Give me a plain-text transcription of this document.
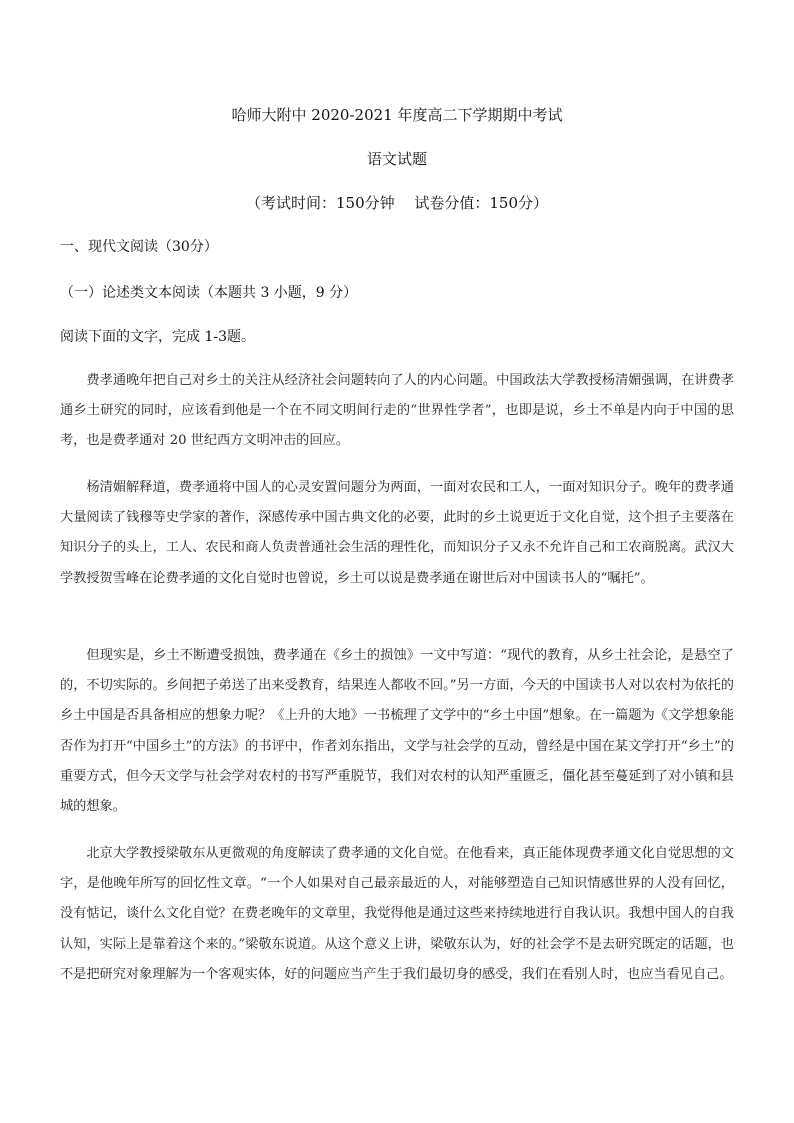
哈师大附中 2020-2021 年度高二下学期期中考试
语文试题
（考试时间：150分钟　 试卷分值：150分）
一、现代文阅读（30分）
（一）论述类文本阅读（本题共 3 小题，9 分）
阅读下面的文字，完成 1-3题。

费孝通晚年把自己对乡土的关注从经济社会问题转向了人的内心问题。中国政法大学教授杨清媚强调，在讲费孝通乡土研究的同时，应该看到他是一个在不同文明间行走的“世界性学者”，也即是说，乡土不单是内向于中国的思考，也是费孝通对 20 世纪西方文明冲击的回应。

杨清媚解释道，费孝通将中国人的心灵安置问题分为两面，一面对农民和工人，一面对知识分子。晚年的费孝通大量阅读了钱穆等史学家的著作，深感传承中国古典文化的必要，此时的乡土说更近于文化自觉，这个担子主要落在知识分子的头上，工人、农民和商人负责普通社会生活的理性化，而知识分子又永不允许自己和工农商脱离。武汉大学教授贺雪峰在论费孝通的文化自觉时也曾说，乡土可以说是费孝通在谢世后对中国读书人的“嘱托”。

但现实是，乡土不断遭受损蚀，费孝通在《乡土的损蚀》一文中写道：“现代的教育，从乡土社会论，是悬空了的，不切实际的。乡间把子弟送了出来受教育，结果连人都收不回。”另一方面，今天的中国读书人对以农村为依托的乡土中国是否具备相应的想象力呢？《上升的大地》一书梳理了文学中的“乡土中国”想象。在一篇题为《文学想象能否作为打开“中国乡土”的方法》的书评中，作者刘东指出，文学与社会学的互动，曾经是中国在某文学打开“乡土”的重要方式，但今天文学与社会学对农村的书写严重脱节，我们对农村的认知严重匮乏，僵化甚至蔓延到了对小镇和县城的想象。

北京大学教授梁敬东从更微观的角度解读了费孝通的文化自觉。在他看来，真正能体现费孝通文化自觉思想的文字，是他晚年所写的回忆性文章。“一个人如果对自己最亲最近的人，对能够塑造自己知识情感世界的人没有回忆，没有惦记，谈什么文化自觉？在费老晚年的文章里，我觉得他是通过这些来持续地进行自我认识。我想中国人的自我认知，实际上是靠着这个来的。”梁敬东说道。从这个意义上讲，梁敬东认为，好的社会学不是去研究既定的话题，也不是把研究对象理解为一个客观实体，好的问题应当产生于我们最切身的感受，我们在看别人时，也应当看见自己。
